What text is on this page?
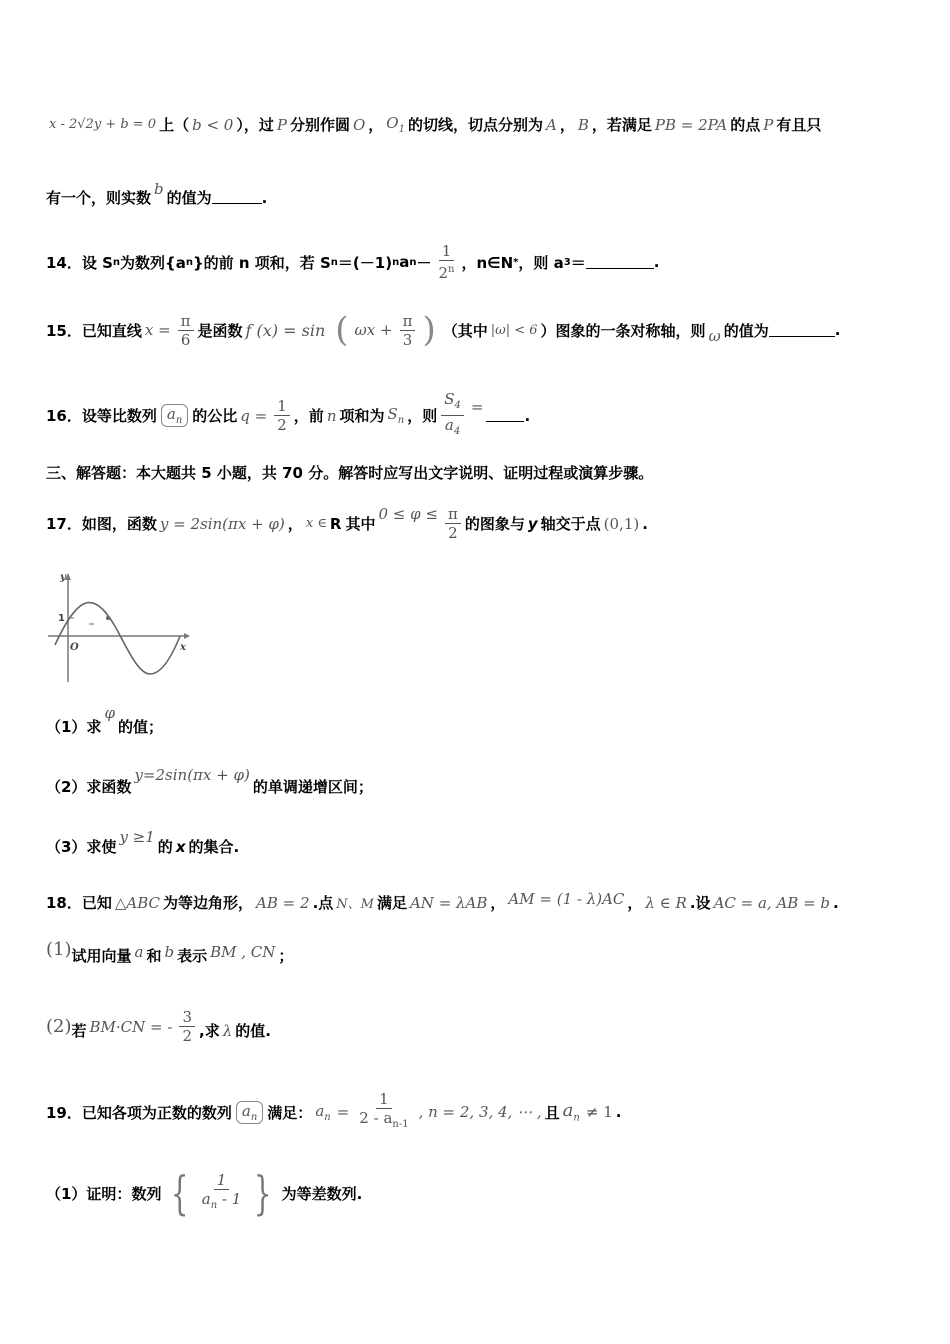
x - 2√2y + b = 0 上（ b < 0 ），过 P 分别作圆 O ， $O_1$ 的切线，切点分别为 A ， B ，若满足 PB = 2PA 的点 P 有且只
有一个，则实数
b
的值为	.
14．设 S n 为数列{a n }的前 n 项和，若 S n ＝(－1) n a $n - \frac{1}{2^n}$ ，n∈N * ，则 a 3 ＝	.
15．已知直线 $x = \frac{\pi}{6}$ 是函数 f (x) = sin ( $\omega x + \frac{\pi}{3}$ ) （其中 |ω| < 6 ）图象的一条对称轴，则 ω 的值为	.
16．设等比数列 $a_n$ 的公比 $q = \frac{1}{2}$ ，前 n 项和为 $S_n$ ，则 $\frac{S_4}{a_4}$ =	.
三、解答题：本大题共 5 小题，共 70 分。解答时应写出文字说明、证明过程或演算步骤。
17．如图，函数 y = 2sin(πx + φ) ， x ∈ R 其中
$0 \le \varphi \le \frac{\pi}{2}$ 的图象与 y 轴交于点 (0,1) .
y
1
O	x
（1）求
φ
的值；
（2）求函数
y=2sin(πx + φ)
的单调递增区间；
（3）求使
y ≥1
的 x 的集合.
18．已知 △ABC 为等边角形， AB = 2 .点 N、M 满足 AN = λAB ， AM = (1 - λ)AC ， λ ∈ R .设 AC = a, AB = b .
(1) 试用向量 a 和 b 表示 BM , CN ；
(2) 若 BM·CN = - $\frac{3}{2}$ ,求 λ 的值.
19．已知各项为正数的数列 $a_n$ 满足： $a_n = \frac{1}{2 - a_{n-1}}$ , n = 2, 3, 4, ⋯ , 且 $a_n \ne 1$ .
（1）证明：数列 { $\frac{1}{a_n - 1}$ } 为等差数列.
